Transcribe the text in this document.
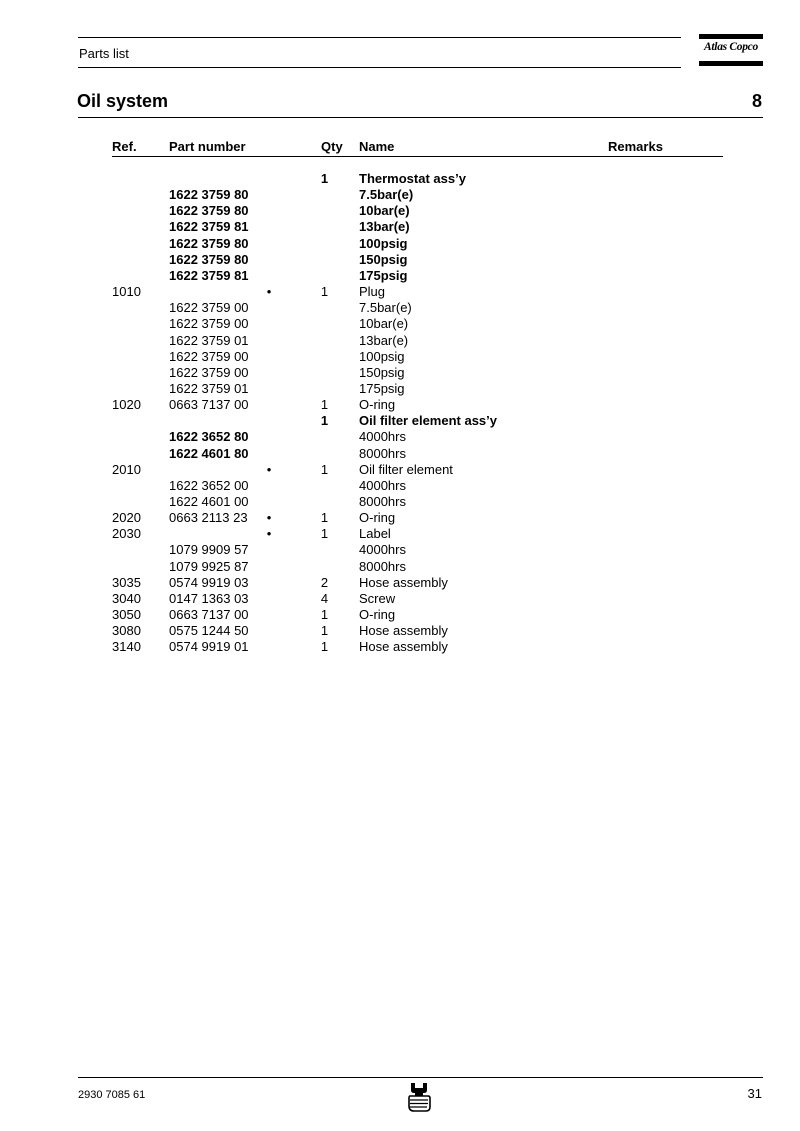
Parts list	Atlas Copco
Oil system	8
Ref. Part number	Qty Name	Remarks
1	Thermostat ass’y
1622 3759 80	7.5bar(e)
1622 3759 80	10bar(e)
1622 3759 81	13bar(e)
1622 3759 80	100psig
1622 3759 80	150psig
1622 3759 81	175psig
1010	•	1	Plug
1622 3759 00	7.5bar(e)
1622 3759 00	10bar(e)
1622 3759 01	13bar(e)
1622 3759 00	100psig
1622 3759 00	150psig
1622 3759 01	175psig
1020 0663 7137 00	1	O-ring
1	Oil filter element ass’y
1622 3652 80	4000hrs
1622 4601 80	8000hrs
2010	•	1	Oil filter element
1622 3652 00	4000hrs
1622 4601 00	8000hrs
2020 0663 2113 23 •	1	O-ring
2030	•	1	Label
1079 9909 57	4000hrs
1079 9925 87	8000hrs
3035 0574 9919 03	2	Hose assembly
3040 0147 1363 03	4	Screw
3050 0663 7137 00	1	O-ring
3080 0575 1244 50	1	Hose assembly
3140 0574 9919 01	1	Hose assembly
2930 7085 61	31
